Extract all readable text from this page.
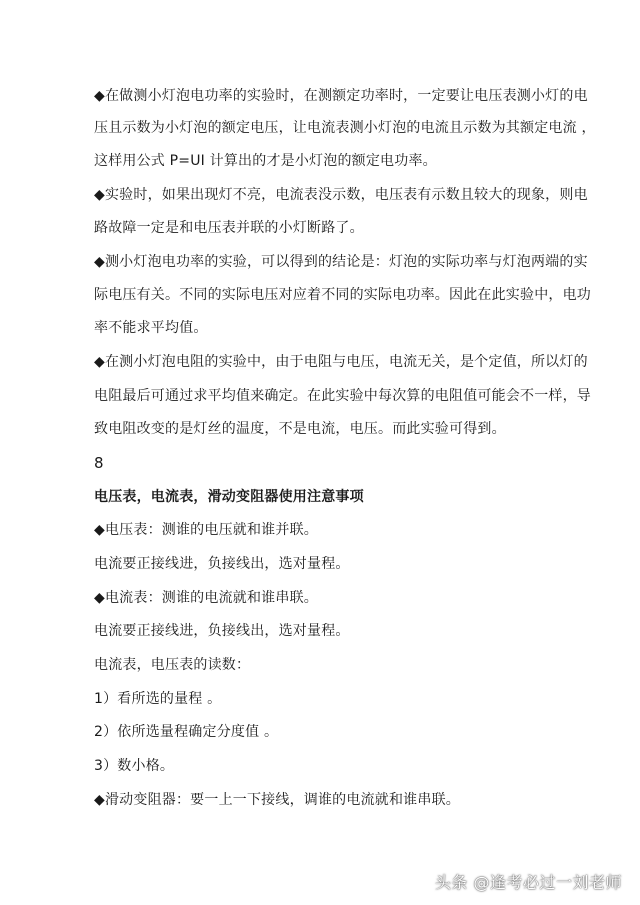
◆在做测小灯泡电功率的实验时，在测额定功率时，一定要让电压表测小灯的电
压且示数为小灯泡的额定电压，让电流表测小灯泡的电流且示数为其额定电流 ，
这样用公式 P=UI 计算出的才是小灯泡的额定电功率。
◆实验时，如果出现灯不亮，电流表没示数，电压表有示数且较大的现象，则电
路故障一定是和电压表并联的小灯断路了。
◆测小灯泡电功率的实验，可以得到的结论是：灯泡的实际功率与灯泡两端的实
际电压有关。不同的实际电压对应着不同的实际电功率。因此在此实验中，电功
率不能求平均值。
◆在测小灯泡电阻的实验中，由于电阻与电压，电流无关，是个定值，所以灯的
电阻最后可通过求平均值来确定。在此实验中每次算的电阻值可能会不一样，导
致电阻改变的是灯丝的温度，不是电流，电压。而此实验可得到。
8
电压表，电流表，滑动变阻器使用注意事项
◆电压表：测谁的电压就和谁并联。
电流要正接线进，负接线出，选对量程。
◆电流表：测谁的电流就和谁串联。
电流要正接线进，负接线出，选对量程。
电流表，电压表的读数：
1）看所选的量程 。
2）依所选量程确定分度值 。
3）数小格。
◆滑动变阻器：要一上一下接线，调谁的电流就和谁串联。
头条 @逢考必过一刘老师
